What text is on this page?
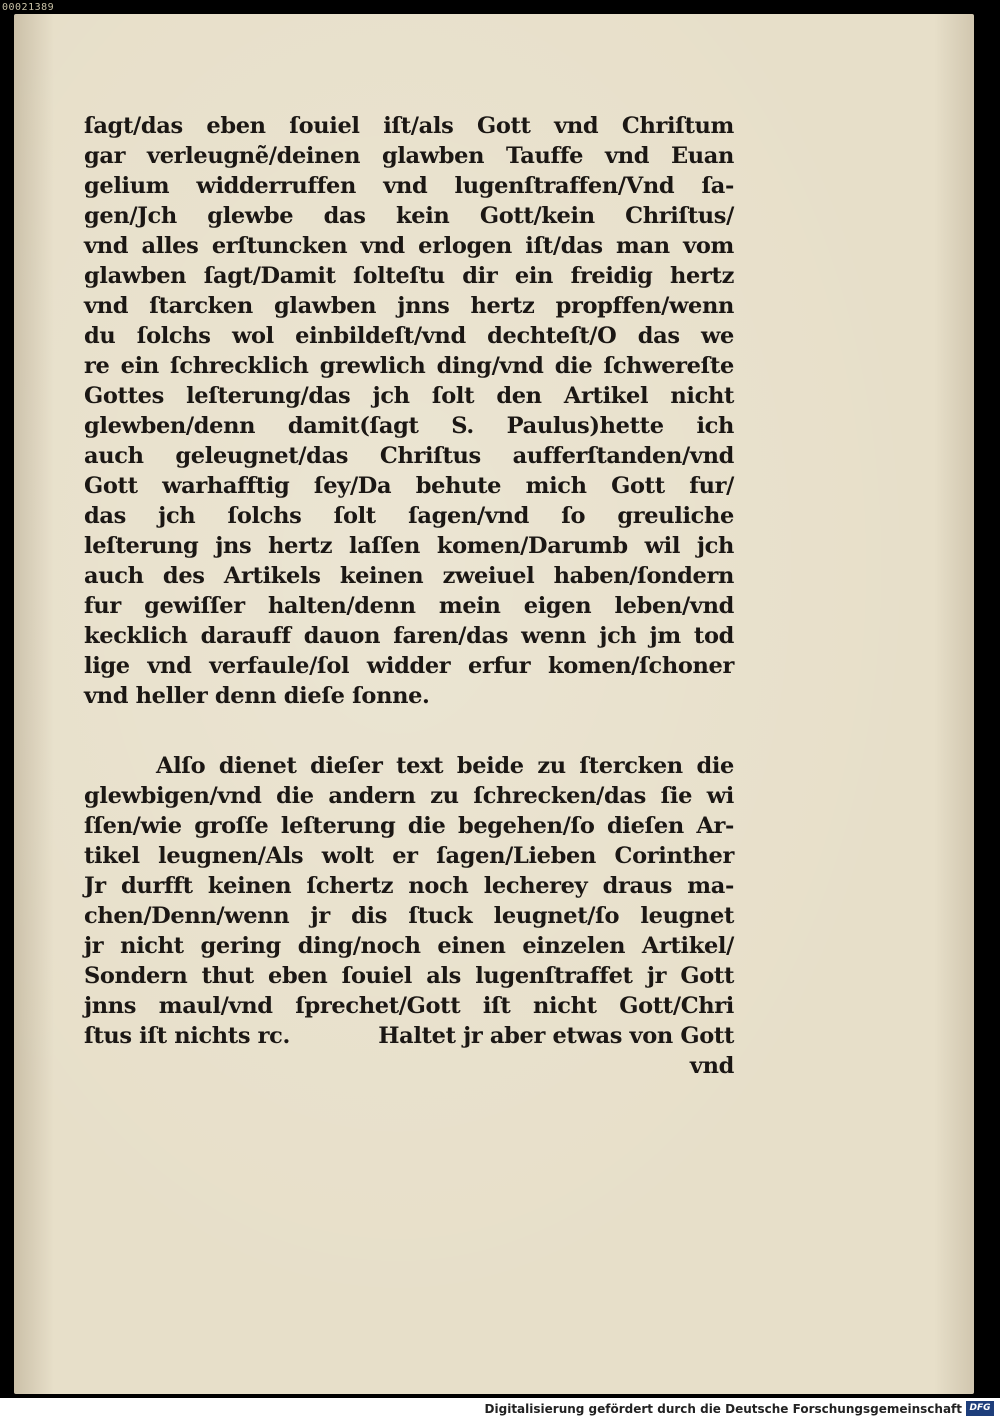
00021389
ſagt/das eben ſouiel iſt/als Gott vnd Chriſtum
gar verleugnẽ/deinen glawben Tauffe vnd Euan
gelium widderruffen vnd lugenſtraffen/Vnd ſa-
gen/Jch glewbe das kein Gott/kein Chriſtus/
vnd alles erſtuncken vnd erlogen iſt/das man vom
glawben ſagt/Damit ſolteſtu dir ein freidig hertz
vnd ſtarcken glawben jnns hertz propffen/wenn
du ſolchs wol einbildeſt/vnd dechteſt/O das we
re ein ſchrecklich grewlich ding/vnd die ſchwereſte
Gottes leſterung/das jch ſolt den Artikel nicht
glewben/denn damit(ſagt S. Paulus)hette ich
auch geleugnet/das Chriſtus aufferſtanden/vnd
Gott warhafftig ſey/Da behute mich Gott fur/
das jch ſolchs ſolt ſagen/vnd ſo greuliche
leſterung jns hertz laſſen komen/Darumb wil jch
auch des Artikels keinen zweiuel haben/ſondern
fur gewiſſer halten/denn mein eigen leben/vnd
kecklich darauff dauon faren/das wenn jch jm tod
lige vnd verfaule/ſol widder erfur komen/ſchoner
vnd heller denn dieſe ſonne.
Alſo dienet dieſer text beide zu ſtercken die
glewbigen/vnd die andern zu ſchrecken/das ſie wi
ſſen/wie groſſe leſterung die begehen/ſo dieſen Ar-
tikel leugnen/Als wolt er ſagen/Lieben Corinther
Jr durfft keinen ſchertz noch lecherey draus ma-
chen/Denn/wenn jr dis ſtuck leugnet/ſo leugnet
jr nicht gering ding/noch einen einzelen Artikel/
Sondern thut eben ſouiel als lugenſtraffet jr Gott
jnns maul/vnd ſprechet/Gott iſt nicht Gott/Chri
ſtus iſt nichts rc.	Haltet jr aber etwas von Gott
vnd
Digitalisierung gefördert durch die Deutsche Forschungsgemeinschaft DFG
